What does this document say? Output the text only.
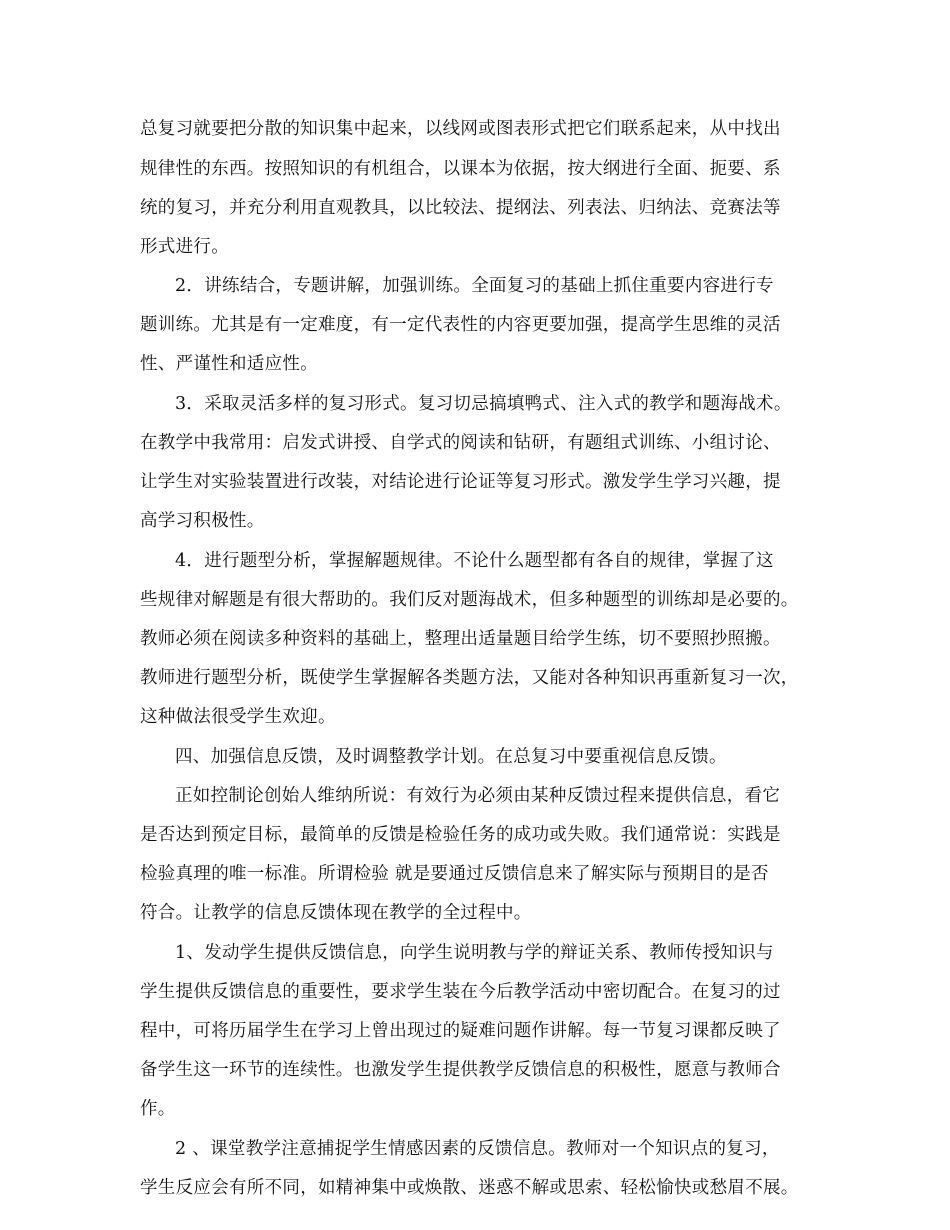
总复习就要把分散的知识集中起来，以线网或图表形式把它们联系起来，从中找出
规律性的东西。按照知识的有机组合，以课本为依据，按大纲进行全面、扼要、系
统的复习，并充分利用直观教具，以比较法、提纲法、列表法、归纳法、竞赛法等
形式进行。
2．讲练结合，专题讲解，加强训练。全面复习的基础上抓住重要内容进行专
题训练。尤其是有一定难度，有一定代表性的内容更要加强，提高学生思维的灵活
性、严谨性和适应性。
3．采取灵活多样的复习形式。复习切忌搞填鸭式、注入式的教学和题海战术。
在教学中我常用：启发式讲授、自学式的阅读和钻研，有题组式训练、小组讨论、
让学生对实验装置进行改装，对结论进行论证等复习形式。激发学生学习兴趣，提
高学习积极性。
4．进行题型分析，掌握解题规律。不论什么题型都有各自的规律，掌握了这
些规律对解题是有很大帮助的。我们反对题海战术，但多种题型的训练却是必要的。
教师必须在阅读多种资料的基础上，整理出适量题目给学生练，切不要照抄照搬。
教师进行题型分析，既使学生掌握解各类题方法，又能对各种知识再重新复习一次，
这种做法很受学生欢迎。
四、加强信息反馈，及时调整教学计划。在总复习中要重视信息反馈。
正如控制论创始人维纳所说：有效行为必须由某种反馈过程来提供信息，看它
是否达到预定目标，最简单的反馈是检验任务的成功或失败。我们通常说：实践是
检验真理的唯一标准。所谓检验 就是要通过反馈信息来了解实际与预期目的是否
符合。让教学的信息反馈体现在教学的全过程中。
1、发动学生提供反馈信息，向学生说明教与学的辩证关系、教师传授知识与
学生提供反馈信息的重要性，要求学生装在今后教学活动中密切配合。在复习的过
程中，可将历届学生在学习上曾出现过的疑难问题作讲解。每一节复习课都反映了
备学生这一环节的连续性。也激发学生提供教学反馈信息的积极性，愿意与教师合
作。
2 、课堂教学注意捕捉学生情感因素的反馈信息。教师对一个知识点的复习，
学生反应会有所不同，如精神集中或焕散、迷惑不解或思索、轻松愉快或愁眉不展。
